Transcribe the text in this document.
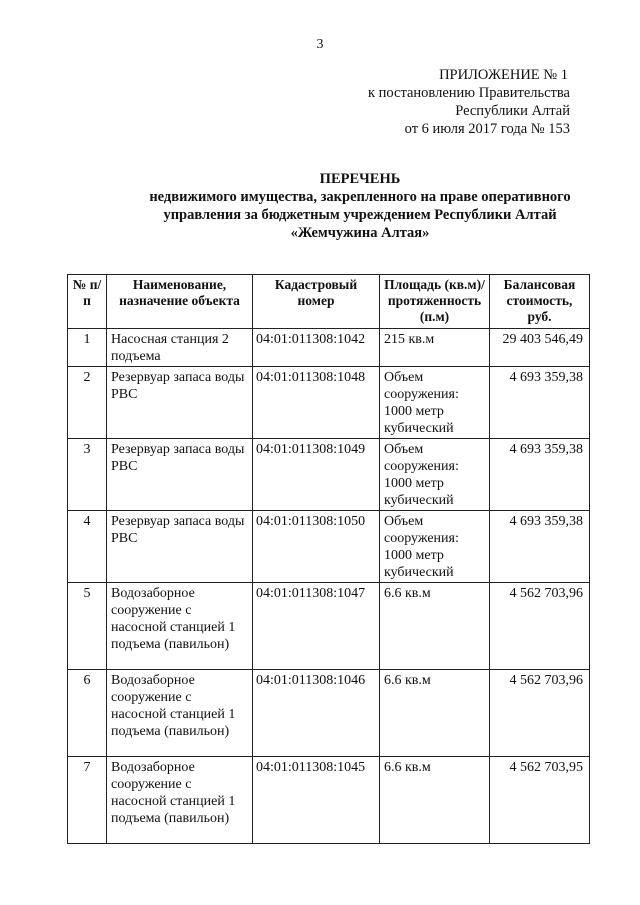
3
ПРИЛОЖЕНИЕ № 1
к постановлению Правительства
Республики Алтай
от 6 июля 2017 года № 153
ПЕРЕЧЕНЬ
недвижимого имущества, закрепленного на праве оперативного
управления за бюджетным учреждением Республики Алтай
«Жемчужина Алтая»
№ п/п	Наименование, назначение объекта	Кадастровый номер	Площадь (кв.м)/ протяженность (п.м)	Балансовая стоимость, руб.
1	Насосная станция 2 подъема	04:01:011308:1042	215 кв.м	29 403 546,49
2	Резервуар запаса воды РВС	04:01:011308:1048	Объем сооружения: 1000 метр кубический	4 693 359,38
3	Резервуар запаса воды РВС	04:01:011308:1049	Объем сооружения: 1000 метр кубический	4 693 359,38
4	Резервуар запаса воды РВС	04:01:011308:1050	Объем сооружения: 1000 метр кубический	4 693 359,38
5	Водозаборное сооружение с насосной станцией 1 подъема (павильон)	04:01:011308:1047	6.6 кв.м	4 562 703,96
6	Водозаборное сооружение с насосной станцией 1 подъема (павильон)	04:01:011308:1046	6.6 кв.м	4 562 703,96
7	Водозаборное сооружение с насосной станцией 1 подъема (павильон)	04:01:011308:1045	6.6 кв.м	4 562 703,95
